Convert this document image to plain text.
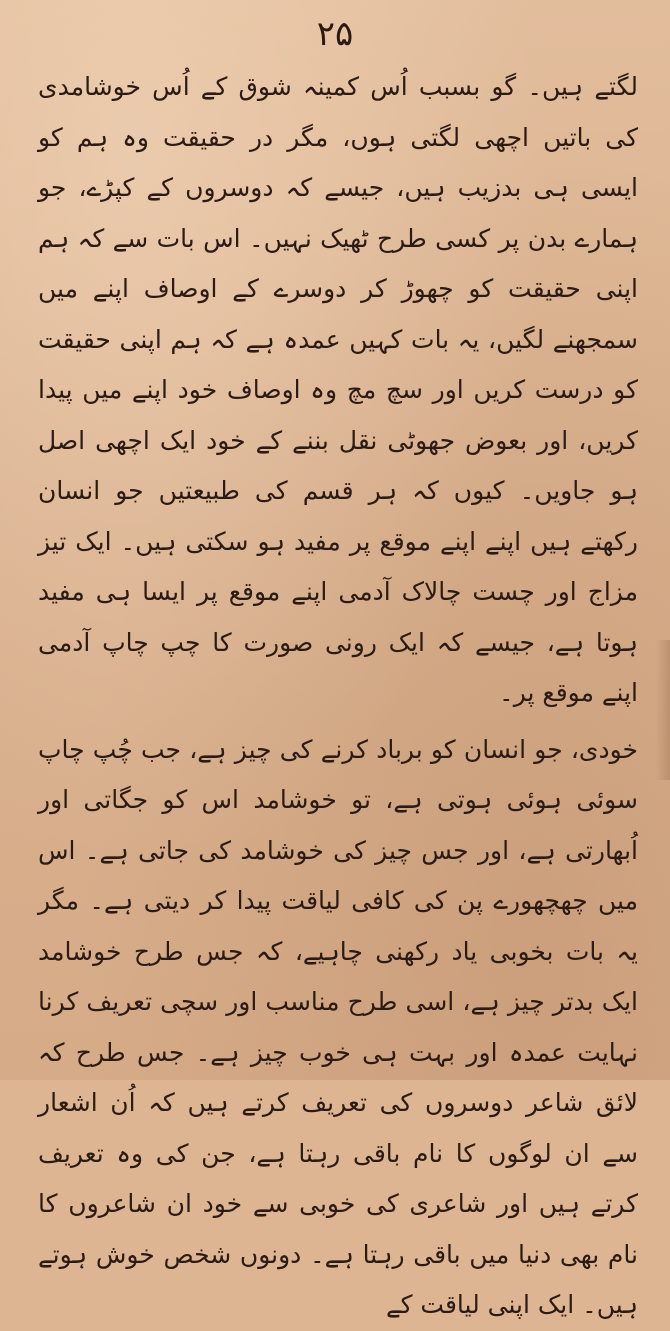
۲۵

لگتے ہیں۔ گو بسبب اُس کمینہ شوق کے اُس خوشامدی کی باتیں اچھی لگتی ہوں، مگر در حقیقت وہ ہم کو ایسی ہی بدزیب ہیں، جیسے کہ دوسروں کے کپڑے، جو ہمارے بدن پر کسی طرح ٹھیک نہیں۔ اس بات سے کہ ہم اپنی حقیقت کو چھوڑ کر دوسرے کے اوصاف اپنے میں سمجھنے لگیں، یہ بات کہیں عمدہ ہے کہ ہم اپنی حقیقت کو درست کریں اور سچ مچ وہ اوصاف خود اپنے میں پیدا کریں، اور بعوض جھوٹی نقل بننے کے خود ایک اچھی اصل ہو جاویں۔ کیوں کہ ہر قسم کی طبیعتیں جو انسان رکھتے ہیں اپنے اپنے موقع پر مفید ہو سکتی ہیں۔ ایک تیز مزاج اور چست چالاک آدمی اپنے موقع پر ایسا ہی مفید ہوتا ہے، جیسے کہ ایک رونی صورت کا چپ چاپ آدمی اپنے موقع پر۔

خودی، جو انسان کو برباد کرنے کی چیز ہے، جب چُپ چاپ سوئی ہوئی ہوتی ہے، تو خوشامد اس کو جگاتی اور اُبھارتی ہے، اور جس چیز کی خوشامد کی جاتی ہے۔ اس میں چھچھورے پن کی کافی لیاقت پیدا کر دیتی ہے۔ مگر یہ بات بخوبی یاد رکھنی چاہیے، کہ جس طرح خوشامد ایک بدتر چیز ہے، اسی طرح مناسب اور سچی تعریف کرنا نہایت عمدہ اور بہت ہی خوب چیز ہے۔ جس طرح کہ لائق شاعر دوسروں کی تعریف کرتے ہیں کہ اُن اشعار سے ان لوگوں کا نام باقی رہتا ہے، جن کی وہ تعریف کرتے ہیں اور شاعری کی خوبی سے خود ان شاعروں کا نام بھی دنیا میں باقی رہتا ہے۔ دونوں شخص خوش ہوتے ہیں۔ ایک اپنی لیاقت کے
